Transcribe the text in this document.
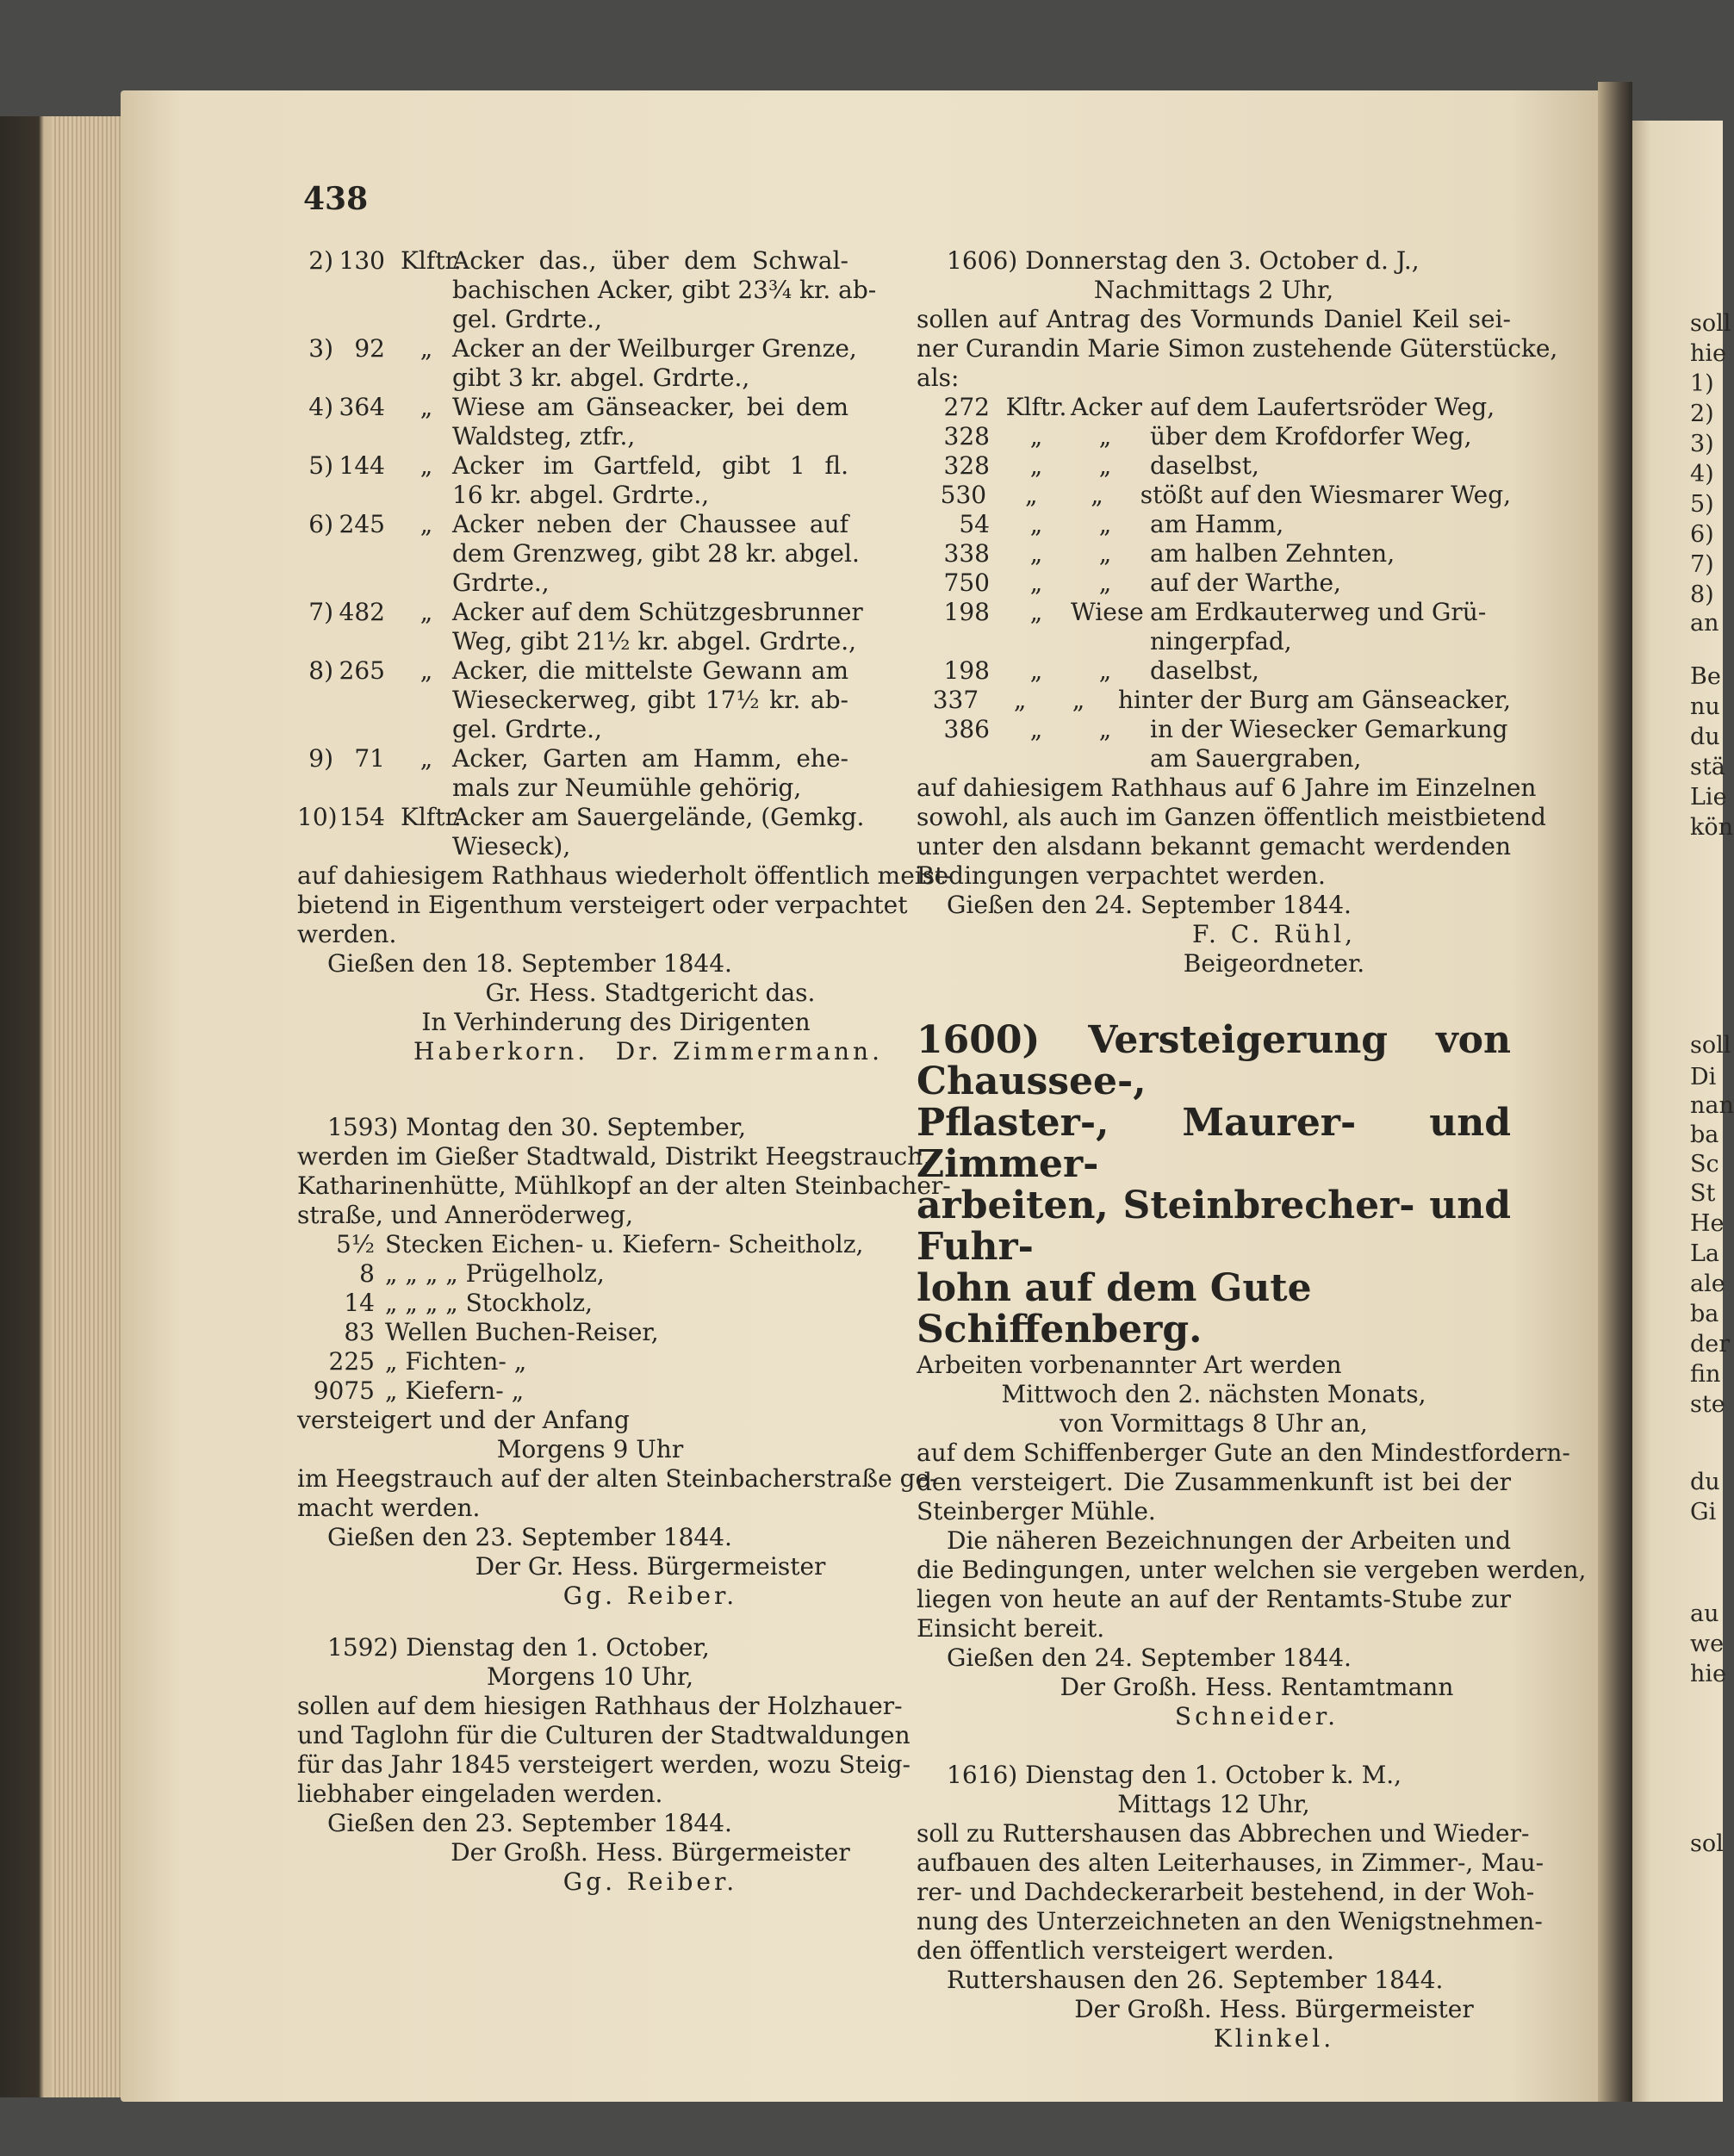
soll
hie
1)
2)
3)
4)
5)
6)
7)
8)
an
Be
nu
du
stä
Lie
kön
soll
Di
nan
ba
Sc
St
He
La
ale
ba
der
fin
ste
du
Gi
au
we
hie
sol
438
2) 130 Klftr.
Acker das., über dem Schwal-
bachischen Acker, gibt 23¾ kr. ab-
gel. Grdrte.,
3) 92	„ Acker an der Weilburger Grenze,
gibt 3 kr. abgel. Grdrte.,
4) 364	„ Wiese am Gänseacker, bei dem
Waldsteg, ztfr.,
5) 144	„ Acker im Gartfeld, gibt 1 fl.
16 kr. abgel. Grdrte.,
6) 245	„ Acker neben der Chaussee auf
dem Grenzweg, gibt 28 kr. abgel.
Grdrte.,
7) 482	„ Acker auf dem Schützgesbrunner
Weg, gibt 21½ kr. abgel. Grdrte.,
8) 265	„ Acker, die mittelste Gewann am
Wieseckerweg, gibt 17½ kr. ab-
gel. Grdrte.,
9) 71	„ Acker, Garten am Hamm, ehe-
mals zur Neumühle gehörig,
10) 154 Klftr.
Acker am Sauergelände, (Gemkg.
Wieseck),
auf dahiesigem Rathhaus wiederholt öffentlich meist-
bietend in Eigenthum versteigert oder verpachtet
werden.
Gießen den 18. September 1844.
Gr. Hess. Stadtgericht das.
In Verhinderung des Dirigenten
Haberkorn. Dr. Zimmermann.
1593) Montag den 30. September,
werden im Gießer Stadtwald, Distrikt Heegstrauch,
Katharinenhütte, Mühlkopf an der alten Steinbacher-
straße, und Anneröderweg,
5½ Stecken Eichen- u. Kiefern- Scheitholz,
8 „ „ „ „ Prügelholz,
14 „ „ „ „ Stockholz,
83 Wellen Buchen-Reiser,
225 „ Fichten- „
9075 „ Kiefern- „
versteigert und der Anfang
Morgens 9 Uhr
im Heegstrauch auf der alten Steinbacherstraße ge-
macht werden.
Gießen den 23. September 1844.
Der Gr. Hess. Bürgermeister
Gg. Reiber.
1592) Dienstag den 1. October,
Morgens 10 Uhr,
sollen auf dem hiesigen Rathhaus der Holzhauer-
und Taglohn für die Culturen der Stadtwaldungen
für das Jahr 1845 versteigert werden, wozu Steig-
liebhaber eingeladen werden.
Gießen den 23. September 1844.
Der Großh. Hess. Bürgermeister
Gg. Reiber.
1606) Donnerstag den 3. October d. J.,
Nachmittags 2 Uhr,
sollen auf Antrag des Vormunds Daniel Keil sei-
ner Curandin Marie Simon zustehende Güterstücke,
als:
272 Klftr. Acker auf dem Laufertsröder Weg,
328	„	„	über dem Krofdorfer Weg,
328	„	„	daselbst,
530	„	„	stößt auf den Wiesmarer Weg,
54	„	„	am Hamm,
338	„	„	am halben Zehnten,
750	„	„	auf der Warthe,
198	„	Wiese am Erdkauterweg und Grü-
ningerpfad,
198	„	„	daselbst,
337	„	„	hinter der Burg am Gänseacker,
386	„	„	in der Wiesecker Gemarkung
am Sauergraben,
auf dahiesigem Rathhaus auf 6 Jahre im Einzelnen
sowohl, als auch im Ganzen öffentlich meistbietend
unter den alsdann bekannt gemacht werdenden
Bedingungen verpachtet werden.
Gießen den 24. September 1844.
F. C. Rühl,
Beigeordneter.
1600) Versteigerung von Chaussee-,
Pflaster-, Maurer- und Zimmer-
arbeiten, Steinbrecher- und Fuhr-
lohn auf dem Gute Schiffenberg.
Arbeiten vorbenannter Art werden
Mittwoch den 2. nächsten Monats,
von Vormittags 8 Uhr an,
auf dem Schiffenberger Gute an den Mindestfordern-
den versteigert. Die Zusammenkunft ist bei der
Steinberger Mühle.
Die näheren Bezeichnungen der Arbeiten und
die Bedingungen, unter welchen sie vergeben werden,
liegen von heute an auf der Rentamts-Stube zur
Einsicht bereit.
Gießen den 24. September 1844.
Der Großh. Hess. Rentamtmann
Schneider.
1616) Dienstag den 1. October k. M.,
Mittags 12 Uhr,
soll zu Ruttershausen das Abbrechen und Wieder-
aufbauen des alten Leiterhauses, in Zimmer-, Mau-
rer- und Dachdeckerarbeit bestehend, in der Woh-
nung des Unterzeichneten an den Wenigstnehmen-
den öffentlich versteigert werden.
Ruttershausen den 26. September 1844.
Der Großh. Hess. Bürgermeister
Klinkel.
